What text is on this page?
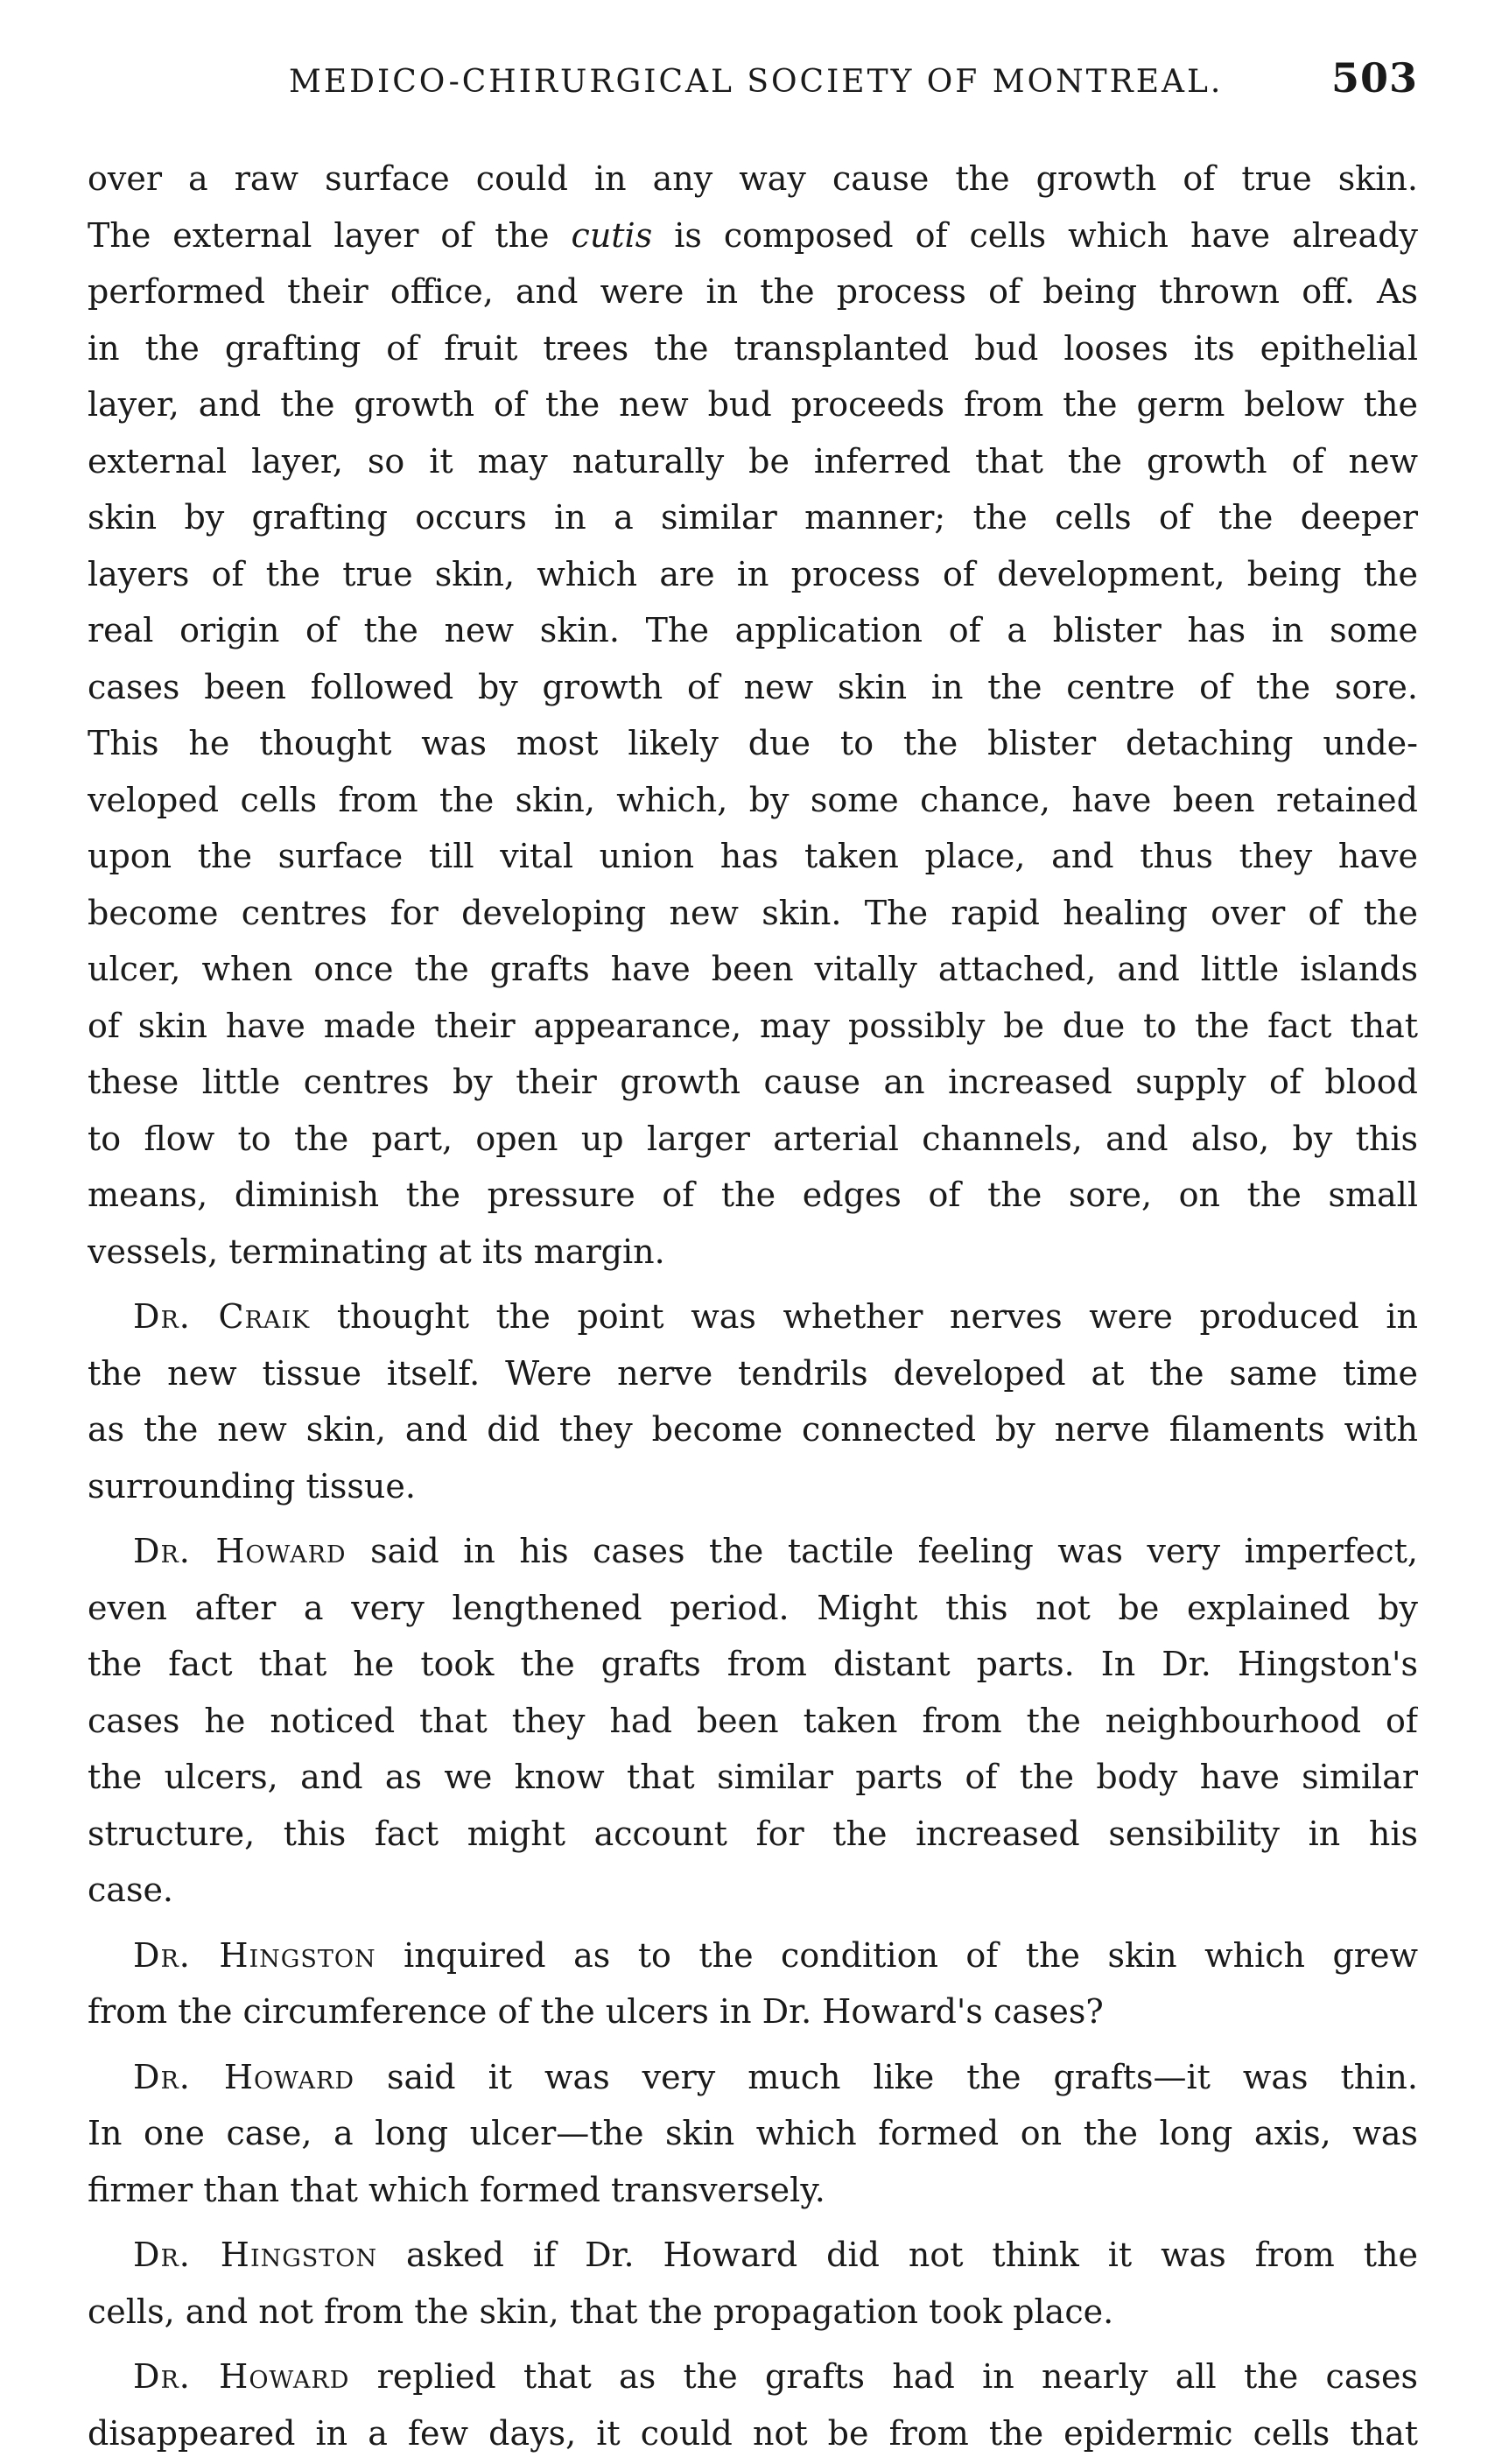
MEDICO-CHIRURGICAL SOCIETY OF MONTREAL.	503
over a raw surface could in any way cause the growth of true skin.
The external layer of the cutis is composed of cells which have already
performed their office, and were in the process of being thrown off. As
in the grafting of fruit trees the transplanted bud looses its epithelial
layer, and the growth of the new bud proceeds from the germ below the
external layer, so it may naturally be inferred that the growth of new
skin by grafting occurs in a similar manner; the cells of the deeper
layers of the true skin, which are in process of development, being the
real origin of the new skin. The application of a blister has in some
cases been followed by growth of new skin in the centre of the sore.
This he thought was most likely due to the blister detaching unde-
veloped cells from the skin, which, by some chance, have been retained
upon the surface till vital union has taken place, and thus they have
become centres for developing new skin. The rapid healing over of the
ulcer, when once the grafts have been vitally attached, and little islands
of skin have made their appearance, may possibly be due to the fact that
these little centres by their growth cause an increased supply of blood
to flow to the part, open up larger arterial channels, and also, by this
means, diminish the pressure of the edges of the sore, on the small
vessels, terminating at its margin.
Dr. Craik thought the point was whether nerves were produced in
the new tissue itself. Were nerve tendrils developed at the same time
as the new skin, and did they become connected by nerve filaments with
surrounding tissue.
Dr. Howard said in his cases the tactile feeling was very imperfect,
even after a very lengthened period. Might this not be explained by
the fact that he took the grafts from distant parts. In Dr. Hingston's
cases he noticed that they had been taken from the neighbourhood of
the ulcers, and as we know that similar parts of the body have similar
structure, this fact might account for the increased sensibility in his
case.
Dr. Hingston inquired as to the condition of the skin which grew
from the circumference of the ulcers in Dr. Howard's cases?
Dr. Howard said it was very much like the grafts—it was thin.
In one case, a long ulcer—the skin which formed on the long axis, was
firmer than that which formed transversely.
Dr. Hingston asked if Dr. Howard did not think it was from the
cells, and not from the skin, that the propagation took place.
Dr. Howard replied that as the grafts had in nearly all the cases
disappeared in a few days, it could not be from the epidermic cells that
